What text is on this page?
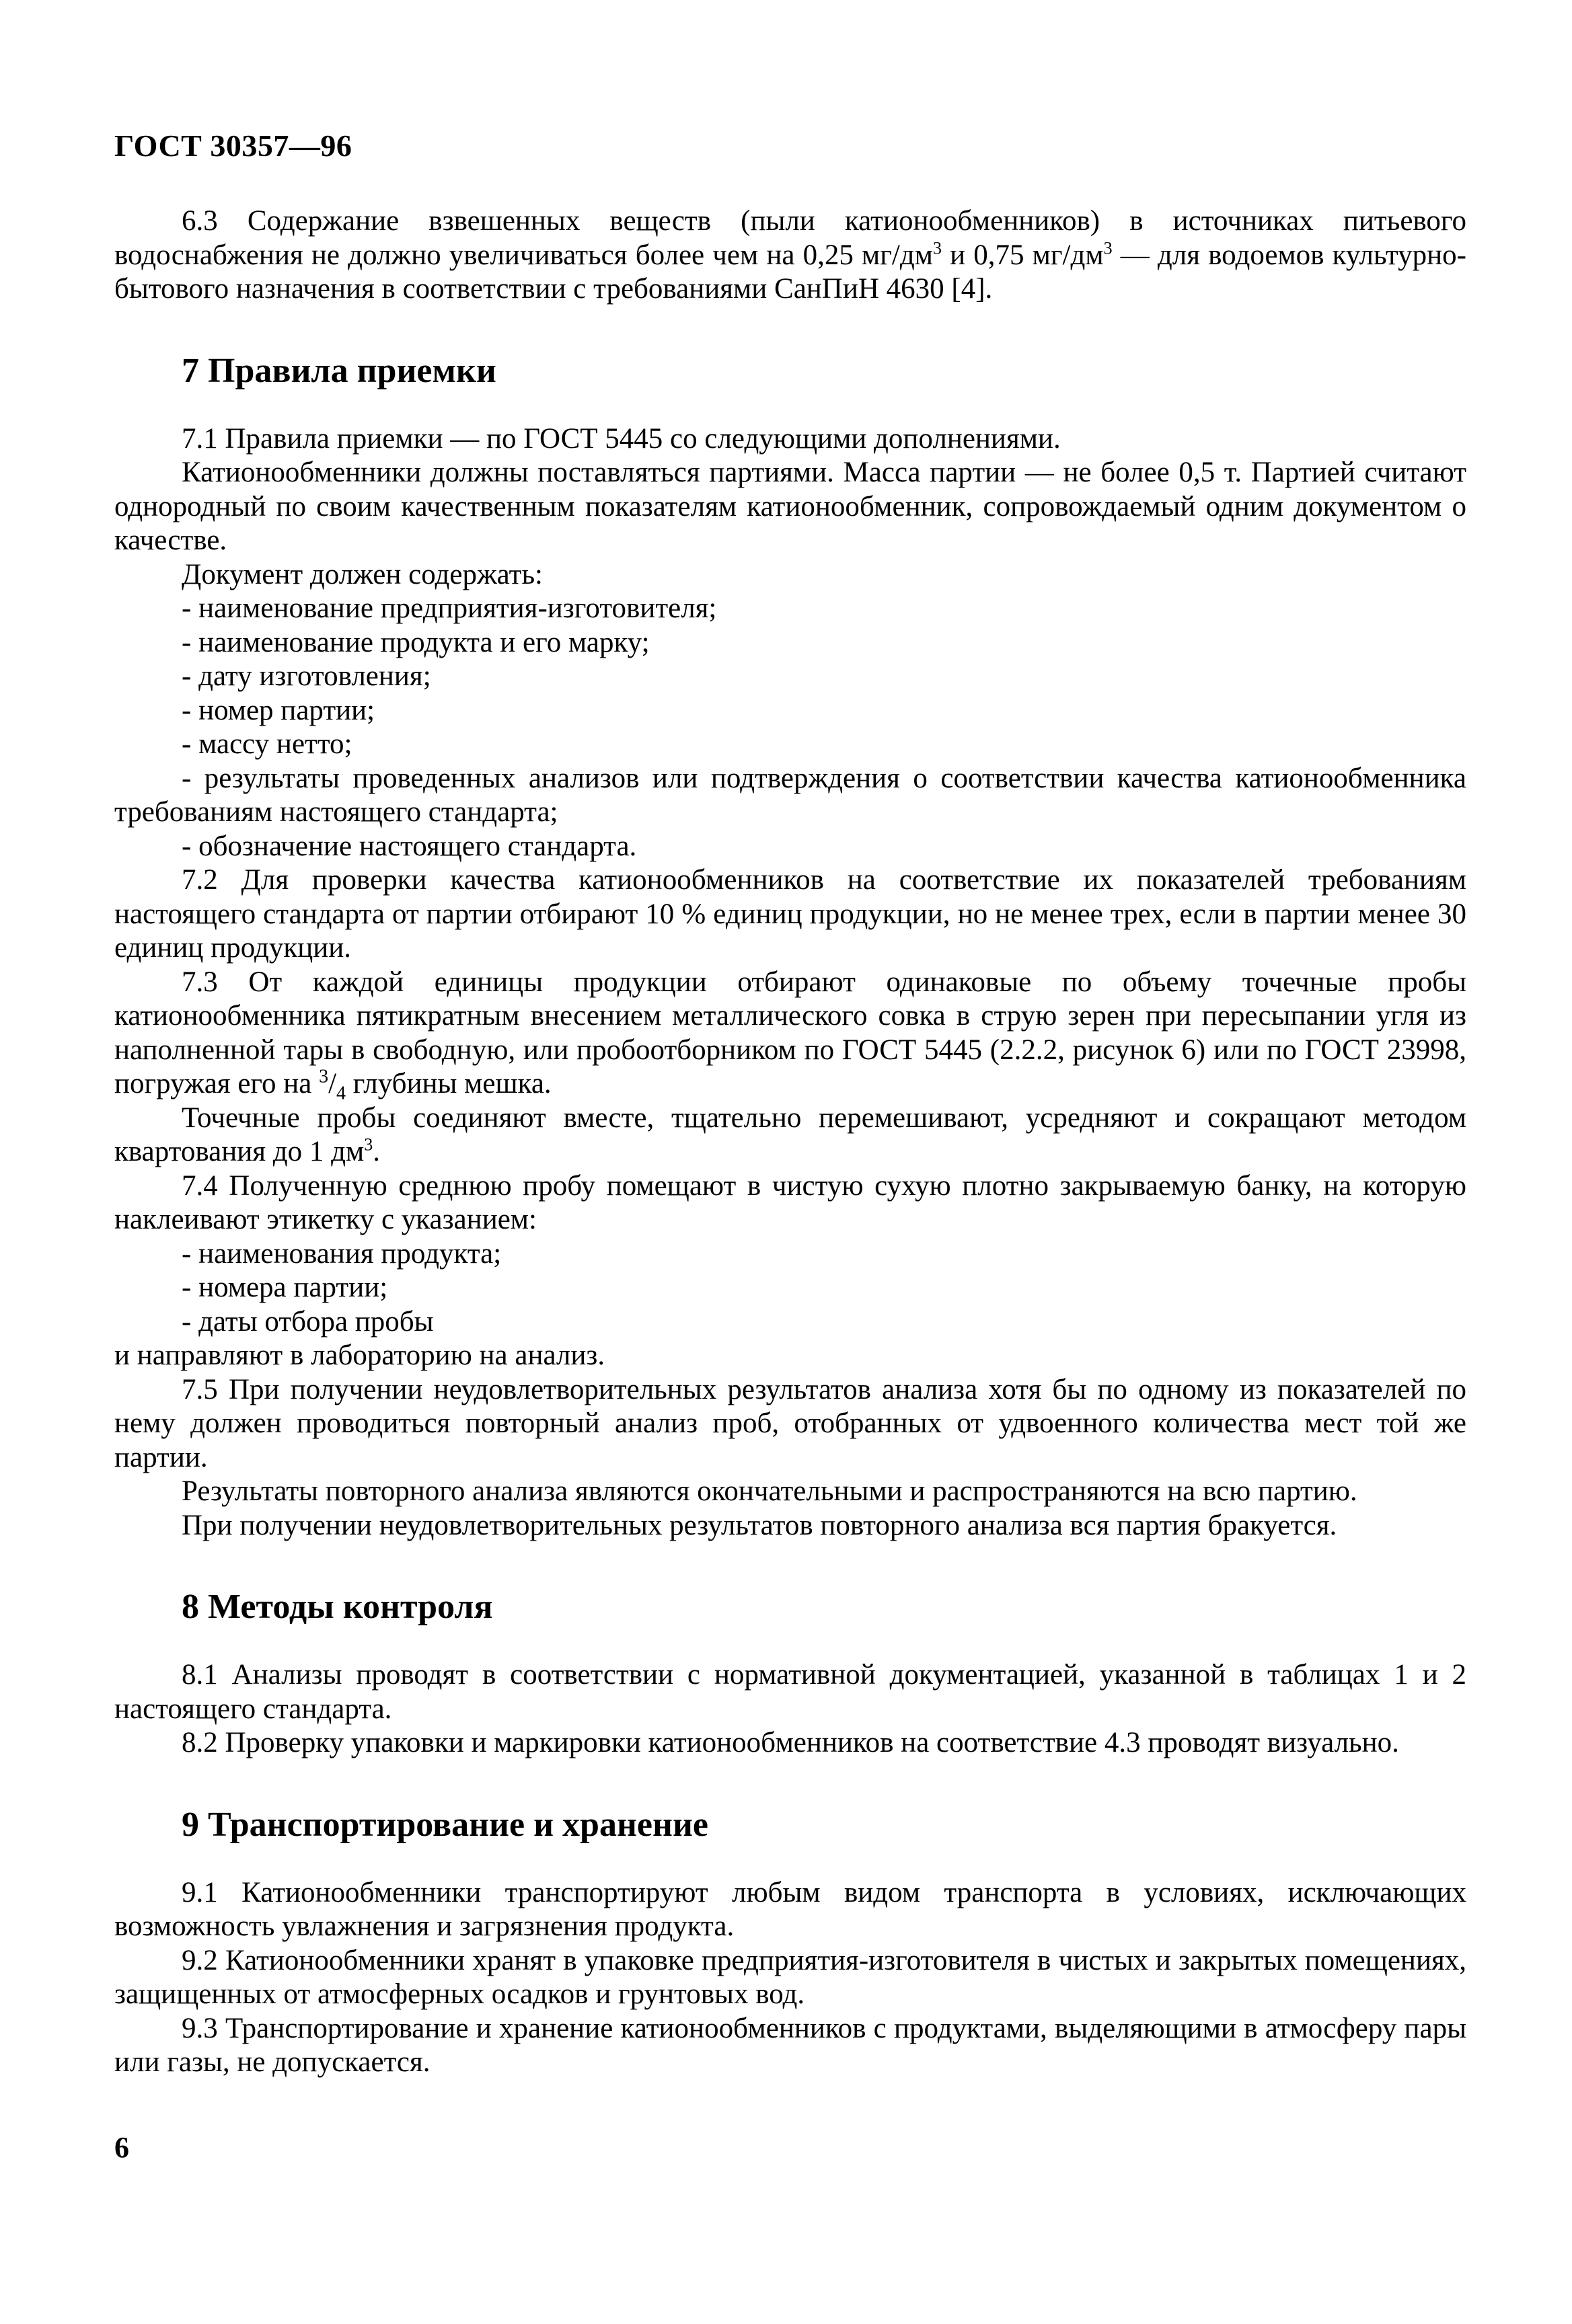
ГОСТ 30357—96

6.3 Содержание взвешенных веществ (пыли катионообменников) в источниках питьевого водоснабжения не должно увеличиваться более чем на 0,25 $мг/дм^3$ и 0,75 $мг/дм^3$ — для водоемов культурно-бытового назначения в соответствии с требованиями СанПиН 4630 [4].

7 Правила приемки

7.1 Правила приемки — по ГОСТ 5445 со следующими дополнениями.

Катионообменники должны поставляться партиями. Масса партии — не более 0,5 т. Партией считают однородный по своим качественным показателям катионообменник, сопровождаемый одним документом о качестве.

Документ должен содержать:

- наименование предприятия-изготовителя;

- наименование продукта и его марку;

- дату изготовления;

- номер партии;

- массу нетто;

- результаты проведенных анализов или подтверждения о соответствии качества катионообменника требованиям настоящего стандарта;

- обозначение настоящего стандарта.

7.2 Для проверки качества катионообменников на соответствие их показателей требованиям настоящего стандарта от партии отбирают 10 % единиц продукции, но не менее трех, если в партии менее 30 единиц продукции.

7.3 От каждой единицы продукции отбирают одинаковые по объему точечные пробы катионообменника пятикратным внесением металлического совка в струю зерен при пересыпании угля из наполненной тары в свободную, или пробоотборником по ГОСТ 5445 (2.2.2, рисунок 6) или по ГОСТ 23998, погружая его на $^3/_4$ глубины мешка.

Точечные пробы соединяют вместе, тщательно перемешивают, усредняют и сокращают методом квартования до 1 $дм^3$.

7.4 Полученную среднюю пробу помещают в чистую сухую плотно закрываемую банку, на которую наклеивают этикетку с указанием:

- наименования продукта;

- номера партии;

- даты отбора пробы

и направляют в лабораторию на анализ.

7.5 При получении неудовлетворительных результатов анализа хотя бы по одному из показателей по нему должен проводиться повторный анализ проб, отобранных от удвоенного количества мест той же партии.

Результаты повторного анализа являются окончательными и распространяются на всю партию.

При получении неудовлетворительных результатов повторного анализа вся партия бракуется.

8 Методы контроля

8.1 Анализы проводят в соответствии с нормативной документацией, указанной в таблицах 1 и 2 настоящего стандарта.

8.2 Проверку упаковки и маркировки катионообменников на соответствие 4.3 проводят визуально.

9 Транспортирование и хранение

9.1 Катионообменники транспортируют любым видом транспорта в условиях, исключающих возможность увлажнения и загрязнения продукта.

9.2 Катионообменники хранят в упаковке предприятия-изготовителя в чистых и закрытых помещениях, защищенных от атмосферных осадков и грунтовых вод.

9.3 Транспортирование и хранение катионообменников с продуктами, выделяющими в атмосферу пары или газы, не допускается.

6
